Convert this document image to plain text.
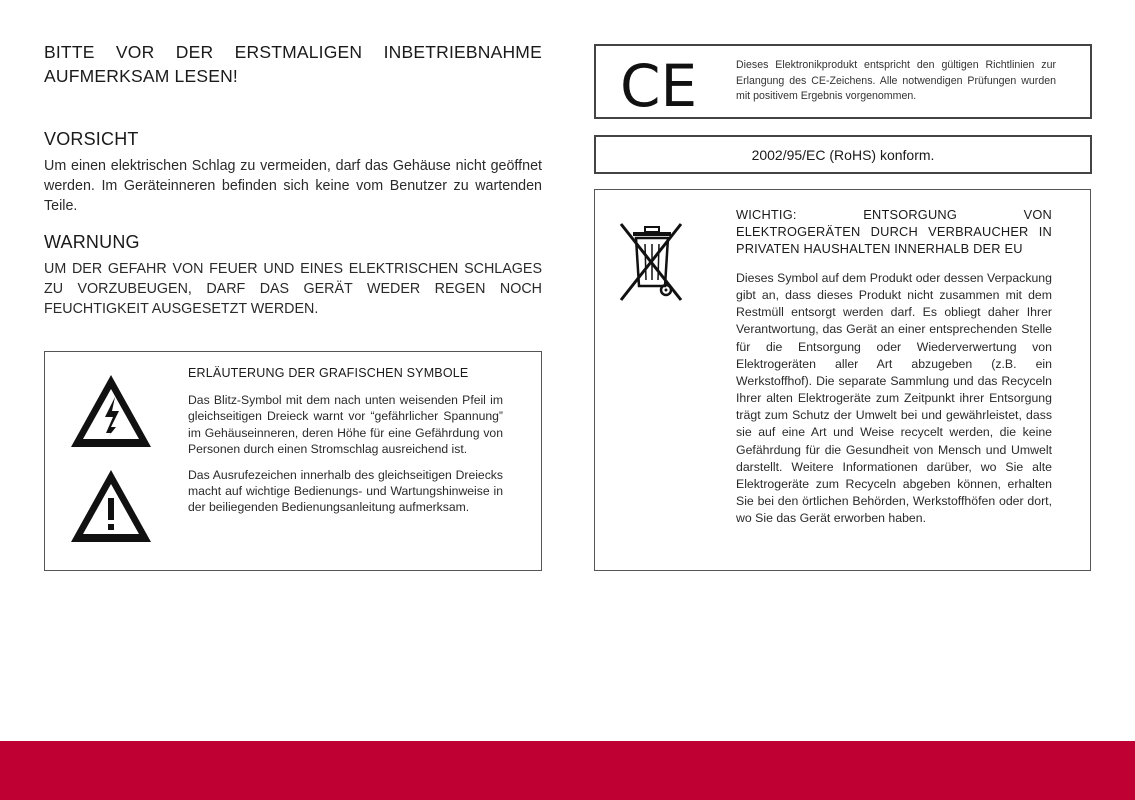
BITTE VOR DER ERSTMALIGEN INBETRIEBNAHME

AUFMERKSAM LESEN!

VORSICHT

Um einen elektrischen Schlag zu vermeiden, darf das Gehäuse nicht geöffnet werden. Im Geräteinneren befinden sich keine vom Benutzer zu wartenden Teile.

WARNUNG

UM DER GEFAHR VON FEUER UND EINES ELEKTRISCHEN SCHLAGES ZU VORZUBEUGEN, DARF DAS GERÄT WEDER REGEN NOCH FEUCHTIGKEIT AUSGESETZT WERDEN.

ERLÄUTERUNG DER GRAFISCHEN SYMBOLE

Das Blitz-Symbol mit dem nach unten weisenden Pfeil im gleichseitigen Dreieck warnt vor “gefährlicher Spannung” im Gehäuseinneren, deren Höhe für eine Gefährdung von Personen durch einen Stromschlag ausreichend ist.

Das Ausrufezeichen innerhalb des gleichseitigen Dreiecks macht auf wichtige Bedienungs- und Wartungshinweise in der beiliegenden Bedienungsanleitung aufmerksam.

CE	Dieses Elektronikprodukt entspricht den gültigen Richtlinien zur Erlangung des CE-Zeichens. Alle notwendigen Prüfungen wurden mit positivem Ergebnis vorgenommen.
2002/95/EC (RoHS) konform.

WICHTIG: ENTSORGUNG VON ELEKTROGERÄTEN DURCH VERBRAUCHER IN PRIVATEN HAUSHALTEN INNERHALB DER EU

Dieses Symbol auf dem Produkt oder dessen Verpackung gibt an, dass dieses Produkt nicht zusammen mit dem Restmüll entsorgt werden darf. Es obliegt daher Ihrer Verantwortung, das Gerät an einer entsprechenden Stelle für die Entsorgung oder Wiederverwertung von Elektrogeräten aller Art abzugeben (z.B. ein Werkstoffhof). Die separate Sammlung und das Recyceln Ihrer alten Elektrogeräte zum Zeitpunkt ihrer Entsorgung trägt zum Schutz der Umwelt bei und gewährleistet, dass sie auf eine Art und Weise recycelt werden, die keine Gefährdung für die Gesundheit von Mensch und Umwelt darstellt. Weitere Informationen darüber, wo Sie alte Elektrogeräte zum Recyceln abgeben können, erhalten Sie bei den örtlichen Behörden, Werkstoffhöfen oder dort, wo Sie das Gerät erworben haben.
